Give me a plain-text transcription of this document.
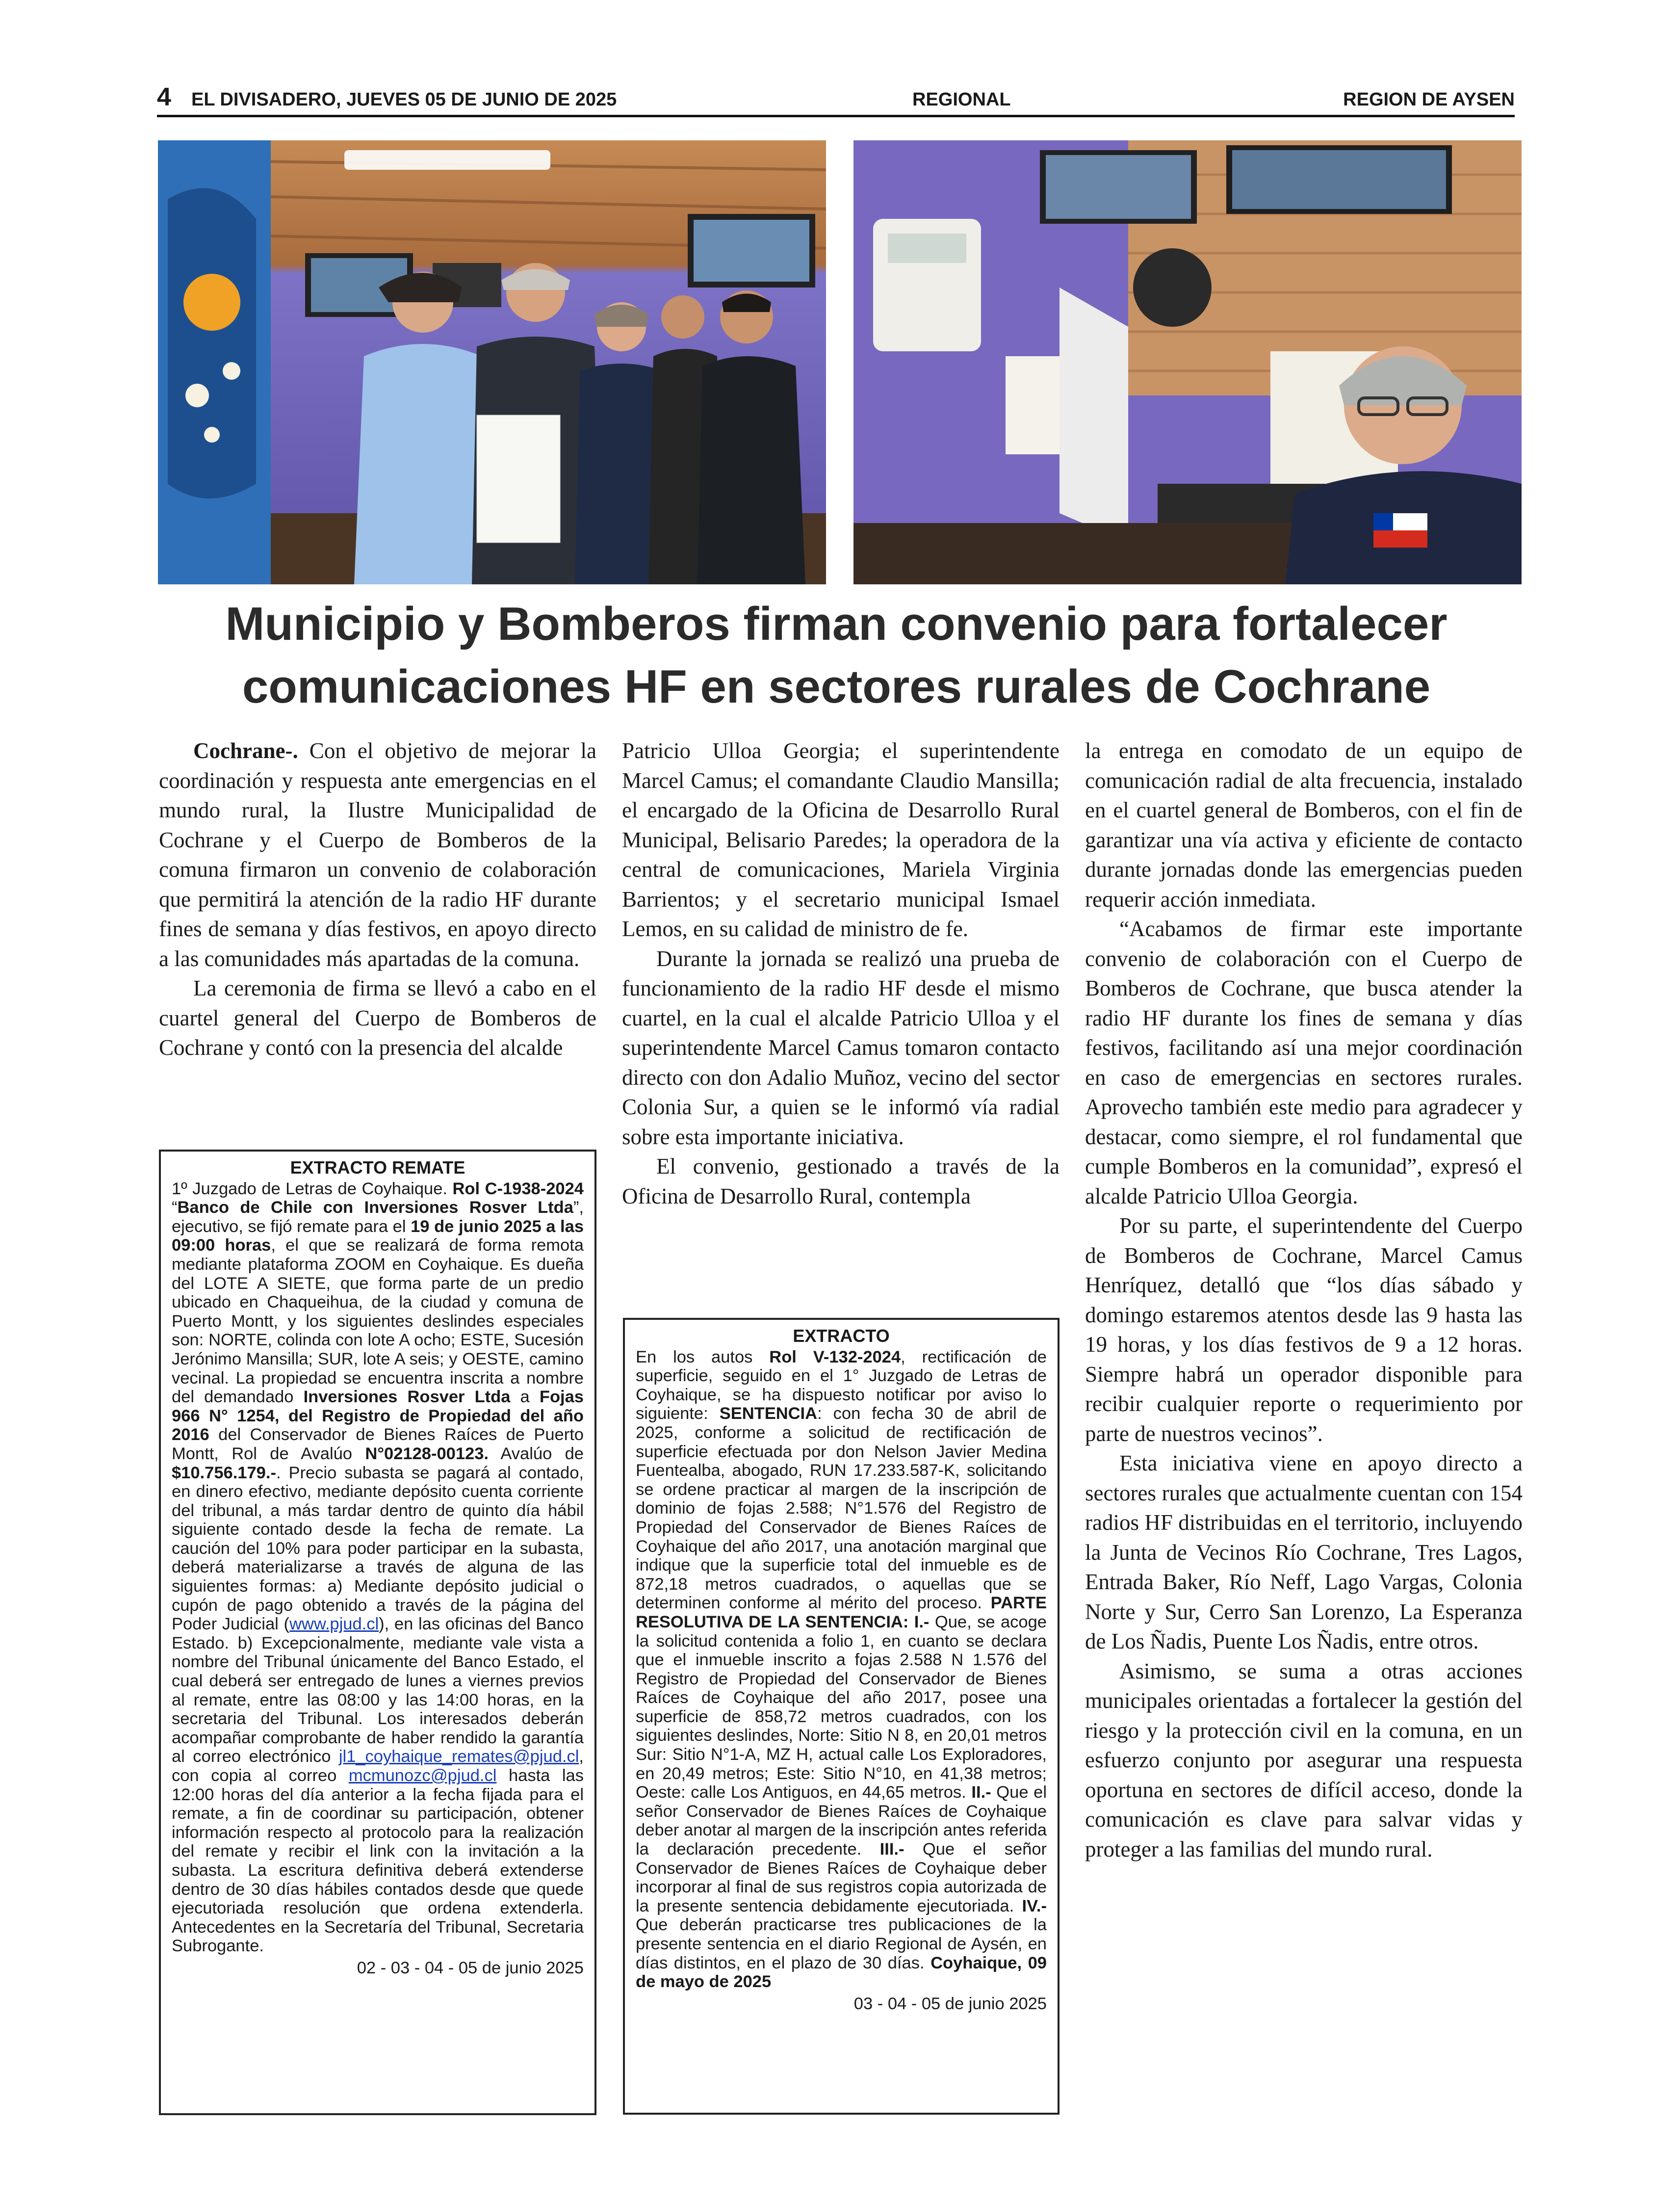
4 EL DIVISADERO, JUEVES 05 DE JUNIO DE 2025	REGIONAL	REGION DE AYSEN
Municipio y Bomberos firman convenio para fortalecer comunicaciones HF en sectores rurales de Cochrane

Cochrane-. Con el objetivo de mejorar la coordinación y respuesta ante emergencias en el mundo rural, la Ilustre Municipalidad de Cochrane y el Cuerpo de Bomberos de la comuna firmaron un convenio de colaboración que permitirá la atención de la radio HF durante fines de semana y días festivos, en apoyo directo a las comunidades más apartadas de la comuna.

La ceremonia de firma se llevó a cabo en el cuartel general del Cuerpo de Bomberos de Cochrane y contó con la presencia del alcalde

Patricio Ulloa Georgia; el superintendente Marcel Camus; el comandante Claudio Mansilla; el encargado de la Oficina de Desarrollo Rural Municipal, Belisario Paredes; la operadora de la central de comunicaciones, Mariela Virginia Barrientos; y el secretario municipal Ismael Lemos, en su calidad de ministro de fe.

Durante la jornada se realizó una prueba de funcionamiento de la radio HF desde el mismo cuartel, en la cual el alcalde Patricio Ulloa y el superintendente Marcel Camus tomaron contacto directo con don Adalio Muñoz, vecino del sector Colonia Sur, a quien se le informó vía radial sobre esta importante iniciativa.

El convenio, gestionado a través de la Oficina de Desarrollo Rural, contempla

la entrega en comodato de un equipo de comunicación radial de alta frecuencia, instalado en el cuartel general de Bomberos, con el fin de garantizar una vía activa y eficiente de contacto durante jornadas donde las emergencias pueden requerir acción inmediata.

“Acabamos de firmar este importante convenio de colaboración con el Cuerpo de Bomberos de Cochrane, que busca atender la radio HF durante los fines de semana y días festivos, facilitando así una mejor coordinación en caso de emergencias en sectores rurales. Aprovecho también este medio para agradecer y destacar, como siempre, el rol fundamental que cumple Bomberos en la comunidad”, expresó el alcalde Patricio Ulloa Georgia.

Por su parte, el superintendente del Cuerpo de Bomberos de Cochrane, Marcel Camus Henríquez, detalló que “los días sábado y domingo estaremos atentos desde las 9 hasta las 19 horas, y los días festivos de 9 a 12 horas. Siempre habrá un operador disponible para recibir cualquier reporte o requerimiento por parte de nuestros vecinos”.

Esta iniciativa viene en apoyo directo a sectores rurales que actualmente cuentan con 154 radios HF distribuidas en el territorio, incluyendo la Junta de Vecinos Río Cochrane, Tres Lagos, Entrada Baker, Río Neff, Lago Vargas, Colonia Norte y Sur, Cerro San Lorenzo, La Esperanza de Los Ñadis, Puente Los Ñadis, entre otros.

Asimismo, se suma a otras acciones municipales orientadas a fortalecer la gestión del riesgo y la protección civil en la comuna, en un esfuerzo conjunto por asegurar una respuesta oportuna en sectores de difícil acceso, donde la comunicación es clave para salvar vidas y proteger a las familias del mundo rural.

EXTRACTO REMATE
1º Juzgado de Letras de Coyhaique. Rol C-1938-2024 “Banco de Chile con Inversiones Rosver Ltda”, ejecutivo, se fijó remate para el 19 de junio 2025 a las 09:00 horas, el que se realizará de forma remota mediante plataforma ZOOM en Coyhaique. Es dueña del LOTE A SIETE, que forma parte de un predio ubicado en Chaqueihua, de la ciudad y comuna de Puerto Montt, y los siguientes deslindes especiales son: NORTE, colinda con lote A ocho; ESTE, Sucesión Jerónimo Mansilla; SUR, lote A seis; y OESTE, camino vecinal. La propiedad se encuentra inscrita a nombre del demandado Inversiones Rosver Ltda a Fojas 966 N° 1254, del Registro de Propiedad del año 2016 del Conservador de Bienes Raíces de Puerto Montt, Rol de Avalúo N°02128-00123. Avalúo de $10.756.179.-. Precio subasta se pagará al contado, en dinero efectivo, mediante depósito cuenta corriente del tribunal, a más tardar dentro de quinto día hábil siguiente contado desde la fecha de remate. La caución del 10% para poder participar en la subasta, deberá materializarse a través de alguna de las siguientes formas: a) Mediante depósito judicial o cupón de pago obtenido a través de la página del Poder Judicial (www.pjud.cl), en las oficinas del Banco Estado. b) Excepcionalmente, mediante vale vista a nombre del Tribunal únicamente del Banco Estado, el cual deberá ser entregado de lunes a viernes previos al remate, entre las 08:00 y las 14:00 horas, en la secretaria del Tribunal. Los interesados deberán acompañar comprobante de haber rendido la garantía al correo electrónico jl1_coyhaique_remates@pjud.cl, con copia al correo mcmunozc@pjud.cl hasta las 12:00 horas del día anterior a la fecha fijada para el remate, a fin de coordinar su participación, obtener información respecto al protocolo para la realización del remate y recibir el link con la invitación a la subasta. La escritura definitiva deberá extenderse dentro de 30 días hábiles contados desde que quede ejecutoriada resolución que ordena extenderla. Antecedentes en la Secretaría del Tribunal, Secretaria Subrogante.
02 - 03 - 04 - 05 de junio 2025
EXTRACTO
En los autos Rol V-132-2024, rectificación de superficie, seguido en el 1° Juzgado de Letras de Coyhaique, se ha dispuesto notificar por aviso lo siguiente: SENTENCIA: con fecha 30 de abril de 2025, conforme a solicitud de rectificación de superficie efectuada por don Nelson Javier Medina Fuentealba, abogado, RUN 17.233.587-K, solicitando se ordene practicar al margen de la inscripción de dominio de fojas 2.588; N°1.576 del Registro de Propiedad del Conservador de Bienes Raíces de Coyhaique del año 2017, una anotación marginal que indique que la superficie total del inmueble es de 872,18 metros cuadrados, o aquellas que se determinen conforme al mérito del proceso. PARTE RESOLUTIVA DE LA SENTENCIA: I.- Que, se acoge la solicitud contenida a folio 1, en cuanto se declara que el inmueble inscrito a fojas 2.588 N 1.576 del Registro de Propiedad del Conservador de Bienes Raíces de Coyhaique del año 2017, posee una superficie de 858,72 metros cuadrados, con los siguientes deslindes, Norte: Sitio N 8, en 20,01 metros Sur: Sitio N°1-A, MZ H, actual calle Los Exploradores, en 20,49 metros; Este: Sitio N°10, en 41,38 metros; Oeste: calle Los Antiguos, en 44,65 metros. II.- Que el señor Conservador de Bienes Raíces de Coyhaique deber anotar al margen de la inscripción antes referida la declaración precedente. III.- Que el señor Conservador de Bienes Raíces de Coyhaique deber incorporar al final de sus registros copia autorizada de la presente sentencia debidamente ejecutoriada. IV.- Que deberán practicarse tres publicaciones de la presente sentencia en el diario Regional de Aysén, en días distintos, en el plazo de 30 días. Coyhaique, 09 de mayo de 2025
03 - 04 - 05 de junio 2025
